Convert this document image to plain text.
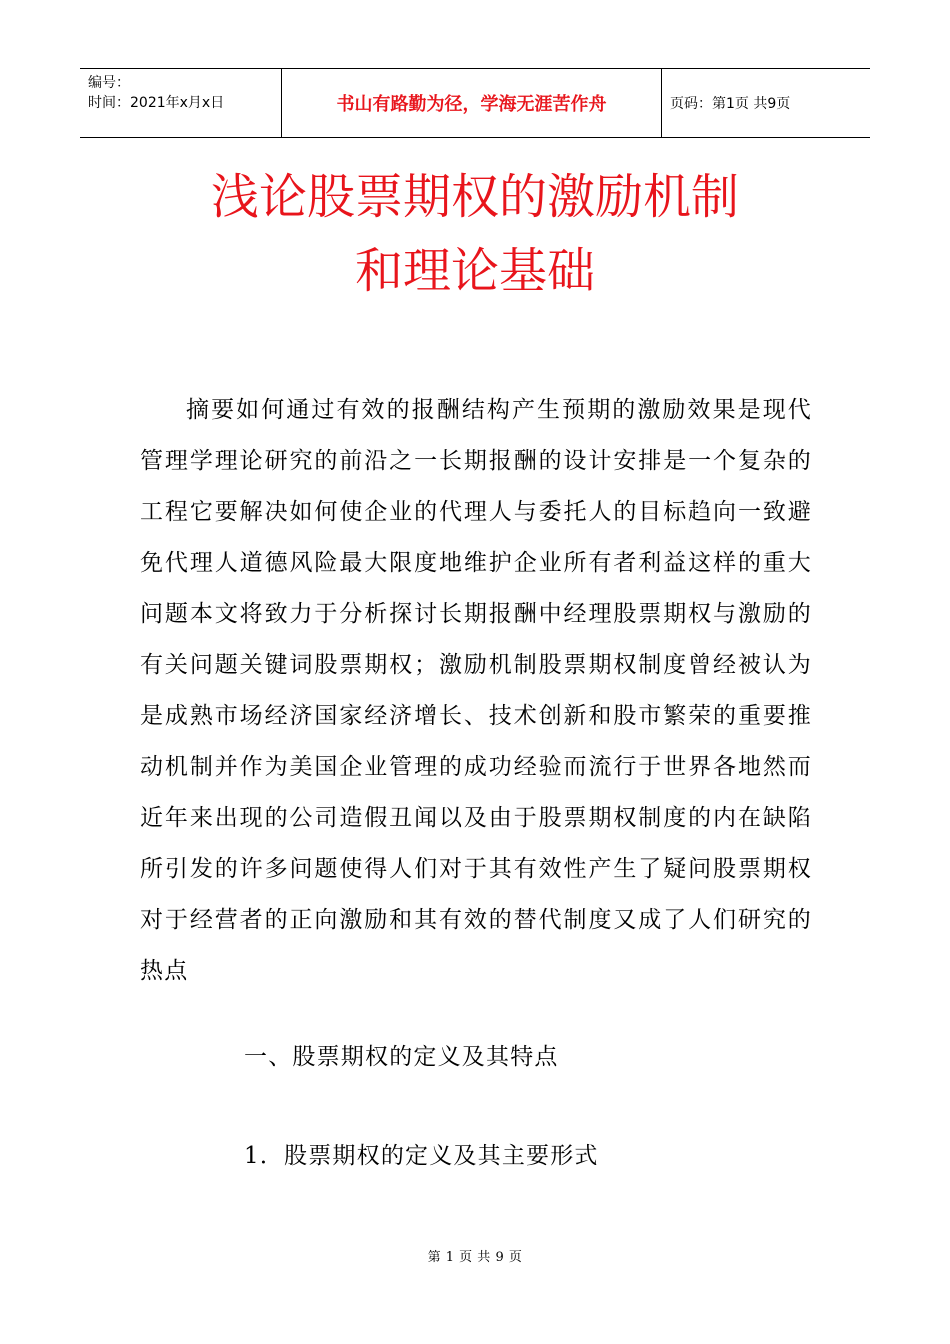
编号：
时间：2021年x月x日	书山有路勤为径，学海无涯苦作舟	页码：第1页 共9页
浅论股票期权的激励机制
和理论基础
摘要如何通过有效的报酬结构产生预期的激励效果是现代管理学理论研究的前沿之一长期报酬的设计安排是一个复杂的工程它要解决如何使企业的代理人与委托人的目标趋向一致避免代理人道德风险最大限度地维护企业所有者利益这样的重大问题本文将致力于分析探讨长期报酬中经理股票期权与激励的有关问题关键词股票期权；激励机制股票期权制度曾经被认为是成熟市场经济国家经济增长、技术创新和股市繁荣的重要推动机制并作为美国企业管理的成功经验而流行于世界各地然而近年来出现的公司造假丑闻以及由于股票期权制度的内在缺陷所引发的许多问题使得人们对于其有效性产生了疑问股票期权对于经营者的正向激励和其有效的替代制度又成了人们研究的热点
一、股票期权的定义及其特点
1．股票期权的定义及其主要形式
第 1 页 共 9 页
